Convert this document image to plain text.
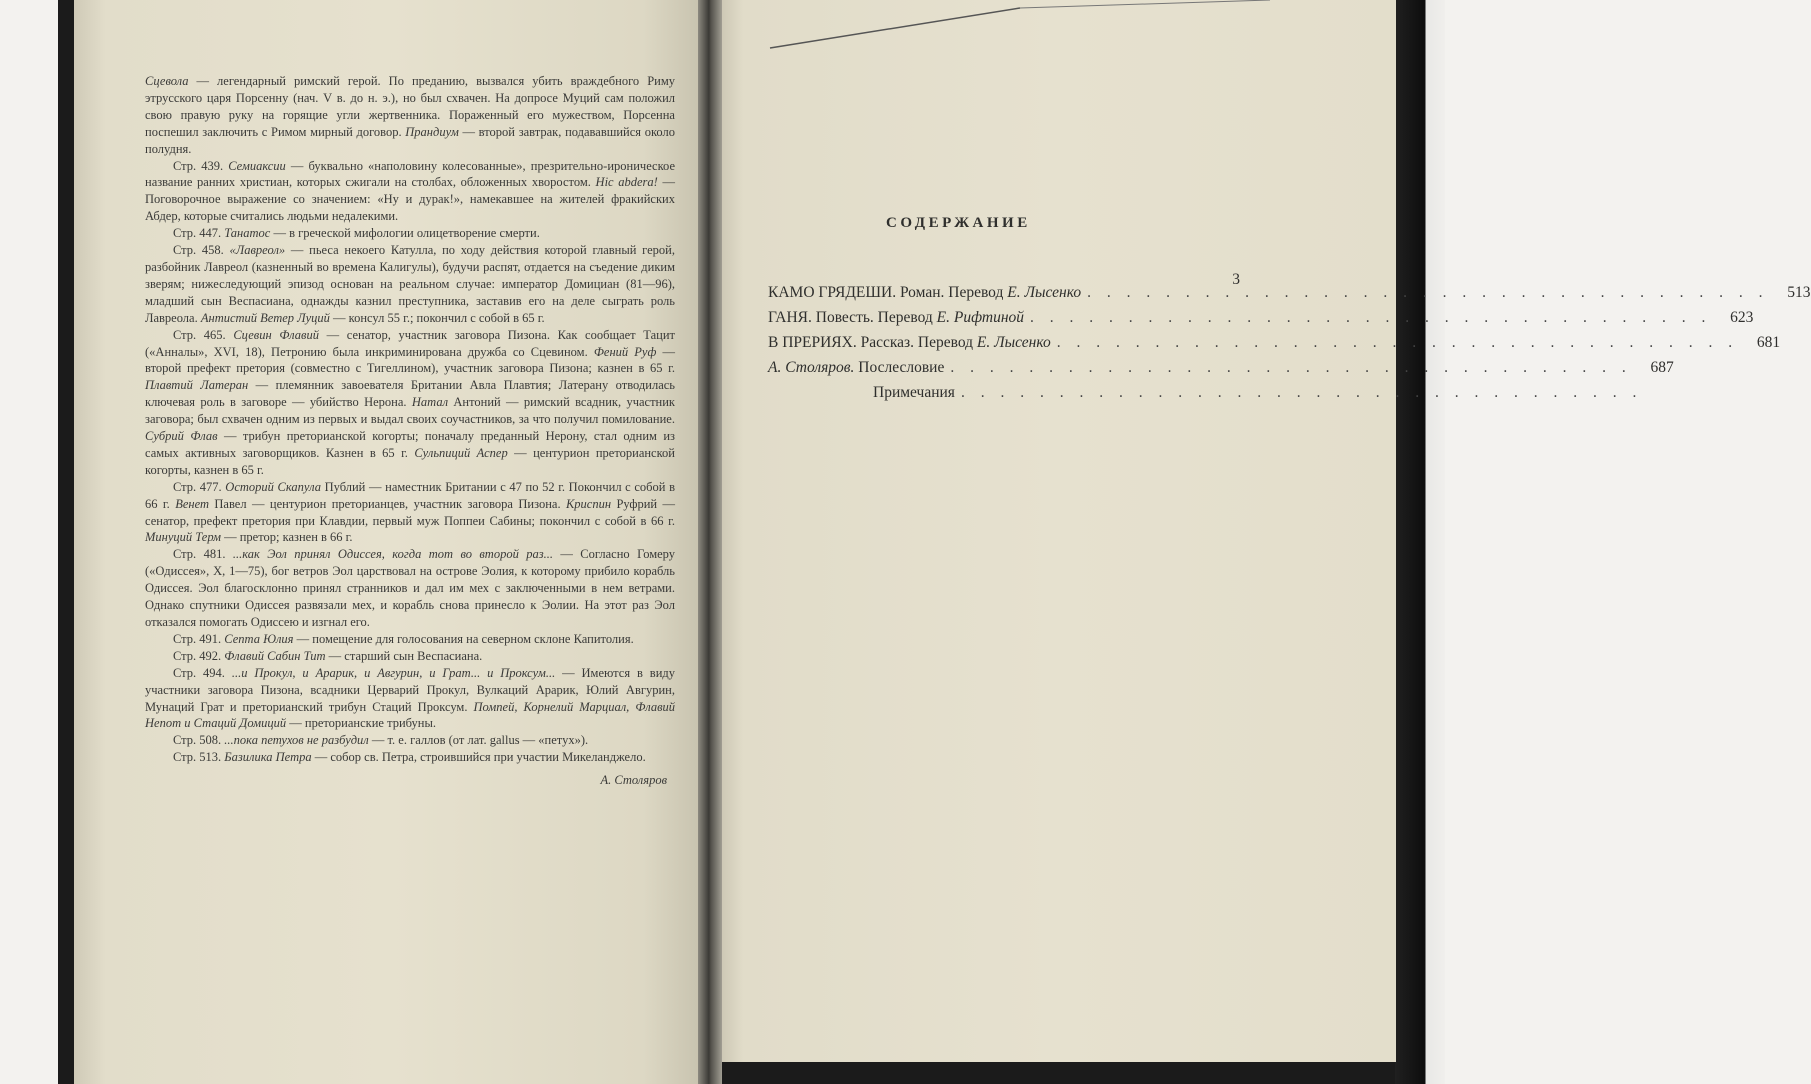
Сцевола — легендарный римский герой. По преданию, вызвался убить враждебного Риму этрусского царя Порсенну (нач. V в. до н. э.), но был схвачен. На допросе Муций сам положил свою правую руку на горящие угли жертвенника. Пораженный его мужеством, Порсенна поспешил заключить с Римом мирный договор. Прандиум — второй завтрак, подававшийся около полудня.

Стр. 439. Семиаксии — буквально «наполовину колесованные», презрительно-ироническое название ранних христиан, которых сжигали на столбах, обложенных хворостом. Hic abdera! — Поговорочное выражение со значением: «Ну и дурак!», намекавшее на жителей фракийских Абдер, которые считались людьми недалекими.

Стр. 447. Танатос — в греческой мифологии олицетворение смерти.

Стр. 458. «Лавреол» — пьеса некоего Катулла, по ходу действия которой главный герой, разбойник Лавреол (казненный во времена Калигулы), будучи распят, отдается на съедение диким зверям; нижеследующий эпизод основан на реальном случае: император Домициан (81—96), младший сын Веспасиана, однажды казнил преступника, заставив его на деле сыграть роль Лавреола. Антистий Ветер Луций — консул 55 г.; покончил с собой в 65 г.

Стр. 465. Сцевин Флавий — сенатор, участник заговора Пизона. Как сообщает Тацит («Анналы», XVI, 18), Петронию была инкриминирована дружба со Сцевином. Фений Руф — второй префект претория (совместно с Тигеллином), участник заговора Пизона; казнен в 65 г. Плавтий Латеран — племянник завоевателя Британии Авла Плавтия; Латерану отводилась ключевая роль в заговоре — убийство Нерона. Натал Антоний — римский всадник, участник заговора; был схвачен одним из первых и выдал своих соучастников, за что получил помилование. Субрий Флав — трибун преторианской когорты; поначалу преданный Нерону, стал одним из самых активных заговорщиков. Казнен в 65 г. Сульпиций Аспер — центурион преторианской когорты, казнен в 65 г.

Стр. 477. Осторий Скапула Публий — наместник Британии с 47 по 52 г. Покончил с собой в 66 г. Венет Павел — центурион преторианцев, участник заговора Пизона. Криспин Руфрий — сенатор, префект претория при Клавдии, первый муж Поппеи Сабины; покончил с собой в 66 г. Минуций Терм — претор; казнен в 66 г.

Стр. 481. ...как Эол принял Одиссея, когда тот во второй раз... — Согласно Гомеру («Одиссея», X, 1—75), бог ветров Эол царствовал на острове Эолия, к которому прибило корабль Одиссея. Эол благосклонно принял странников и дал им мех с заключенными в нем ветрами. Однако спутники Одиссея развязали мех, и корабль снова принесло к Эолии. На этот раз Эол отказался помогать Одиссею и изгнал его.

Стр. 491. Септа Юлия — помещение для голосования на северном склоне Капитолия.

Стр. 492. Флавий Сабин Тит — старший сын Веспасиана.

Стр. 494. ...и Прокул, и Арарик, и Авгурин, и Грат... и Проксум... — Имеются в виду участники заговора Пизона, всадники Церварий Прокул, Вулкаций Арарик, Юлий Авгурин, Мунаций Грат и преторианский трибун Стаций Проксум. Помпей, Корнелий Марциал, Флавий Непот и Стаций Домиций — преторианские трибуны.

Стр. 508. ...пока петухов не разбудил — т. е. галлов (от лат. gallus — «петух»).

Стр. 513. Базилика Петра — собор св. Петра, строившийся при участии Микеланджело.

А. Столяров
СОДЕРЖАНИЕ
3
КАМО ГРЯДЕШИ. Роман. Перевод Е. Лысенко . . . . . . . . . . . . . . . . . . . . . . . . . . . . . . . . . . .	513
ГАНЯ. Повесть. Перевод Е. Рифтиной . . . . . . . . . . . . . . . . . . . . . . . . . . . . . . . . . . .	623
В ПРЕРИЯХ. Рассказ. Перевод Е. Лысенко . . . . . . . . . . . . . . . . . . . . . . . . . . . . . . . . . . .	681
А. Столяров. Послесловие . . . . . . . . . . . . . . . . . . . . . . . . . . . . . . . . . . .	687
Примечания . . . . . . . . . . . . . . . . . . . . . . . . . . . . . . . . . . .
